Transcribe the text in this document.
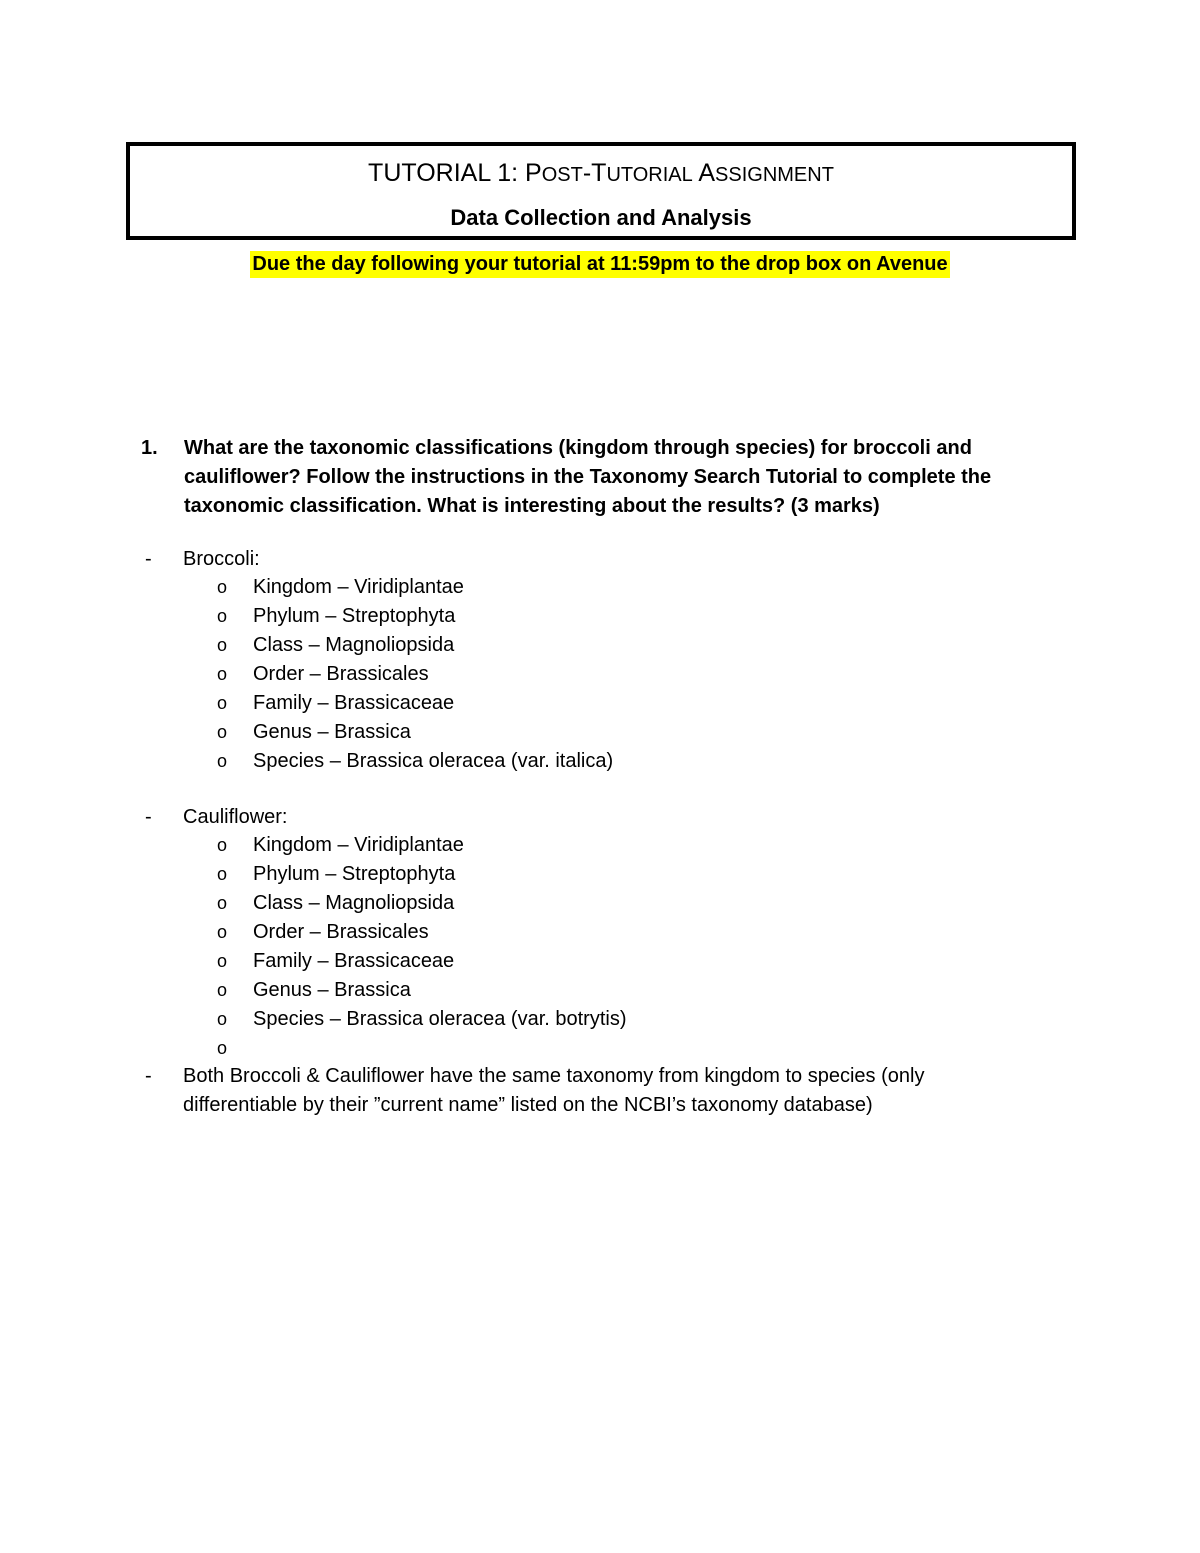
TUTORIAL 1: POST-TUTORIAL ASSIGNMENT
Data Collection and Analysis
Due the day following your tutorial at 11:59pm to the drop box on Avenue
1. What are the taxonomic classifications (kingdom through species) for broccoli and cauliflower? Follow the instructions in the Taxonomy Search Tutorial to complete the taxonomic classification. What is interesting about the results? (3 marks)
- Broccoli:
o Kingdom – Viridiplantae
o Phylum – Streptophyta
o Class – Magnoliopsida
o Order – Brassicales
o Family – Brassicaceae
o Genus – Brassica
o Species – Brassica oleracea (var. italica)
- Cauliflower:
o Kingdom – Viridiplantae
o Phylum – Streptophyta
o Class – Magnoliopsida
o Order – Brassicales
o Family – Brassicaceae
o Genus – Brassica
o Species – Brassica oleracea (var. botrytis)
o
- Both Broccoli & Cauliflower have the same taxonomy from kingdom to species (only differentiable by their ”current name” listed on the NCBI’s taxonomy database)
